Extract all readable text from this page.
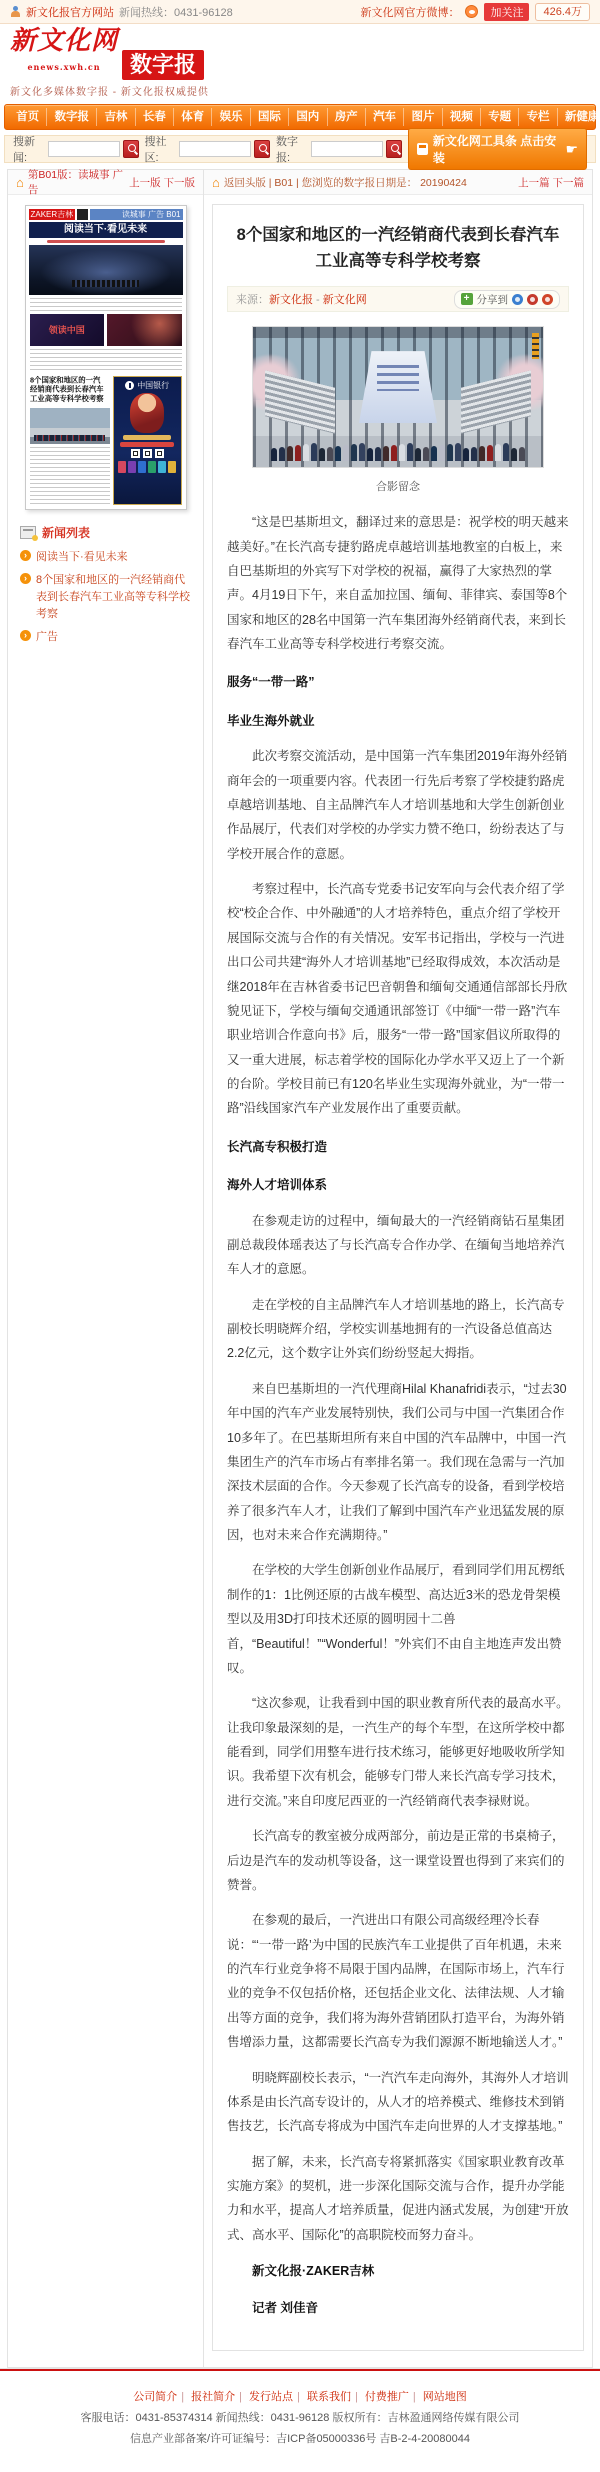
新文化报官方网站 新闻热线：0431-96128	新文化网官方微博：	加关注	426.4万
新文化网
enews.xwh.cn	数字报
新文化多媒体数字报 - 新文化报权威提供
首页	数字报	吉林	长春	体育	娱乐	国际	国内	房产	汽车	图片	视频	专题	专栏	新健康
搜新闻:
搜社区:
数字报:
新文化网工具条 点击安装
☛
⌂ 第B01版：读城事 广告
上一版 下一版
ZAKER吉林	读城事 广告 B01
阅读当下·看见未来
领读中国
8个国家和地区的一汽经销商代表到长春汽车工业高等专科学校考察
中国银行
新闻列表
› 阅读当下·看见未来
› 8个国家和地区的一汽经销商代表到长春汽车工业高等专科学校考察
› 广告
⌂ 返回头版 | B01 | 您浏览的数字报日期是： 20190424	上一篇 下一篇
8个国家和地区的一汽经销商代表到长春汽车工业高等专科学校考察
来源： 新文化报 - 新文化网	+ 分享到
合影留念

“这是巴基斯坦文，翻译过来的意思是：祝学校的明天越来越美好。”在长汽高专捷豹路虎卓越培训基地教室的白板上，来自巴基斯坦的外宾写下对学校的祝福，赢得了大家热烈的掌声。4月19日下午，来自孟加拉国、缅甸、菲律宾、泰国等8个国家和地区的28名中国第一汽车集团海外经销商代表，来到长春汽车工业高等专科学校进行考察交流。

服务“一带一路”

毕业生海外就业

此次考察交流活动，是中国第一汽车集团2019年海外经销商年会的一项重要内容。代表团一行先后考察了学校捷豹路虎卓越培训基地、自主品牌汽车人才培训基地和大学生创新创业作品展厅，代表们对学校的办学实力赞不绝口，纷纷表达了与学校开展合作的意愿。

考察过程中，长汽高专党委书记安军向与会代表介绍了学校“校企合作、中外融通”的人才培养特色，重点介绍了学校开展国际交流与合作的有关情况。安军书记指出，学校与一汽进出口公司共建“海外人才培训基地”已经取得成效，本次活动是继2018年在吉林省委书记巴音朝鲁和缅甸交通通信部部长丹欣貌见证下，学校与缅甸交通通讯部签订《中缅“一带一路”汽车职业培训合作意向书》后，服务“一带一路”国家倡议所取得的又一重大进展，标志着学校的国际化办学水平又迈上了一个新的台阶。学校目前已有120名毕业生实现海外就业，为“一带一路”沿线国家汽车产业发展作出了重要贡献。

长汽高专积极打造

海外人才培训体系

在参观走访的过程中，缅甸最大的一汽经销商钻石星集团副总裁段体瑶表达了与长汽高专合作办学、在缅甸当地培养汽车人才的意愿。

走在学校的自主品牌汽车人才培训基地的路上，长汽高专副校长明晓辉介绍，学校实训基地拥有的一汽设备总值高达2.2亿元，这个数字让外宾们纷纷竖起大拇指。

来自巴基斯坦的一汽代理商Hilal Khanafridi表示，“过去30年中国的汽车产业发展特别快，我们公司与中国一汽集团合作10多年了。在巴基斯坦所有来自中国的汽车品牌中，中国一汽集团生产的汽车市场占有率排名第一。我们现在急需与一汽加深技术层面的合作。今天参观了长汽高专的设备，看到学校培养了很多汽车人才，让我们了解到中国汽车产业迅猛发展的原因，也对未来合作充满期待。”

在学校的大学生创新创业作品展厅，看到同学们用瓦楞纸制作的1：1比例还原的古战车模型、高达近3米的恐龙骨架模型以及用3D打印技术还原的圆明园十二兽首，“Beautiful！”“Wonderful！”外宾们不由自主地连声发出赞叹。

“这次参观，让我看到中国的职业教育所代表的最高水平。让我印象最深刻的是，一汽生产的每个车型，在这所学校中都能看到，同学们用整车进行技术练习，能够更好地吸收所学知识。我希望下次有机会，能够专门带人来长汽高专学习技术，进行交流。”来自印度尼西亚的一汽经销商代表李禄财说。

长汽高专的教室被分成两部分，前边是正常的书桌椅子，后边是汽车的发动机等设备，这一课堂设置也得到了来宾们的赞誉。

在参观的最后，一汽进出口有限公司高级经理冷长春说：“‘一带一路’为中国的民族汽车工业提供了百年机遇，未来的汽车行业竞争将不局限于国内品牌，在国际市场上，汽车行业的竞争不仅包括价格，还包括企业文化、法律法规、人才输出等方面的竞争，我们将为海外营销团队打造平台，为海外销售增添力量，这都需要长汽高专为我们源源不断地输送人才。”

明晓辉副校长表示，“一汽汽车走向海外，其海外人才培训体系是由长汽高专设计的，从人才的培养模式、维修技术到销售技艺，长汽高专将成为中国汽车走向世界的人才支撑基地。”

据了解，未来，长汽高专将紧抓落实《国家职业教育改革实施方案》的契机，进一步深化国际交流与合作，提升办学能力和水平，提高人才培养质量，促进内涵式发展，为创建“开放式、高水平、国际化”的高职院校而努力奋斗。

新文化报·ZAKER吉林

记者 刘佳音

公司简介 | 报社简介 | 发行站点 | 联系我们 | 付费推广 | 网站地图
客服电话：0431-85374314 新闻热线：0431-96128 版权所有：吉林盈通网络传媒有限公司
信息产业部备案/许可证编号：吉ICP备05000336号 吉B-2-4-20080044
